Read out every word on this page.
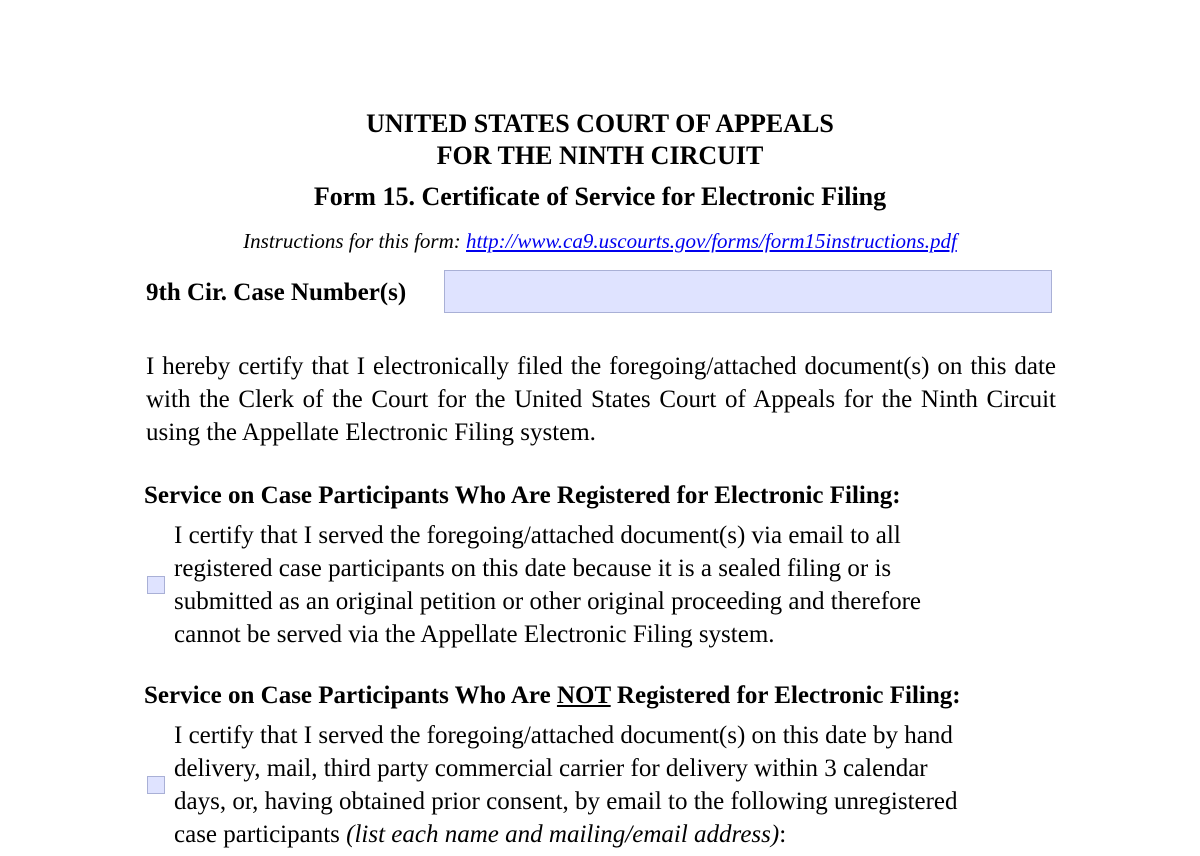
UNITED STATES COURT OF APPEALS
FOR THE NINTH CIRCUIT
Form 15. Certificate of Service for Electronic Filing
Instructions for this form: http://www.ca9.uscourts.gov/forms/form15instructions.pdf
9th Cir. Case Number(s)
I hereby certify that I electronically filed the foregoing/attached document(s) on this date with the Clerk of the Court for the United States Court of Appeals for the Ninth Circuit using the Appellate Electronic Filing system.
Service on Case Participants Who Are Registered for Electronic Filing:
I certify that I served the foregoing/attached document(s) via email to all
registered case participants on this date because it is a sealed filing or is
submitted as an original petition or other original proceeding and therefore
cannot be served via the Appellate Electronic Filing system.
Service on Case Participants Who Are NOT Registered for Electronic Filing:
I certify that I served the foregoing/attached document(s) on this date by hand
delivery, mail, third party commercial carrier for delivery within 3 calendar
days, or, having obtained prior consent, by email to the following unregistered
case participants (list each name and mailing/email address):
